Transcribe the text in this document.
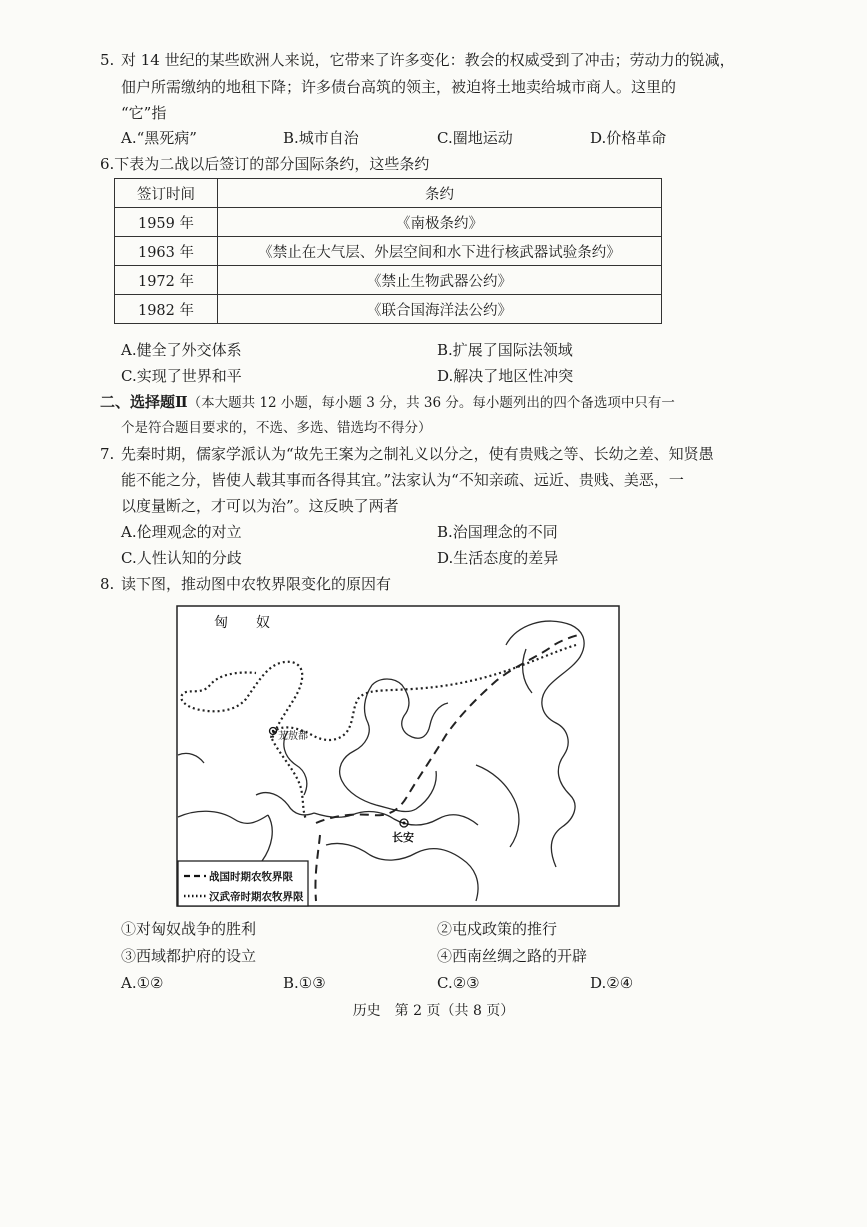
5. 对 14 世纪的某些欧洲人来说，它带来了许多变化：教会的权威受到了冲击；劳动力的锐减，
佃户所需缴纳的地租下降；许多债台高筑的领主，被迫将土地卖给城市商人。这里的
“它”指
A.“黑死病”	B.城市自治	C.圈地运动	D.价格革命
6.下表为二战以后签订的部分国际条约，这些条约
签订时间	条约
1959 年	《南极条约》
1963 年	《禁止在大气层、外层空间和水下进行核武器试验条约》
1972 年	《禁止生物武器公约》
1982 年	《联合国海洋法公约》
A.健全了外交体系	B.扩展了国际法领域
C.实现了世界和平	D.解决了地区性冲突
二、选择题Ⅱ（本大题共 12 小题，每小题 3 分，共 36 分。每小题列出的四个备选项中只有一
个是符合题目要求的，不选、多选、错选均不得分）
7. 先秦时期，儒家学派认为“故先王案为之制礼义以分之，使有贵贱之等、长幼之差、知贤愚
能不能之分，皆使人载其事而各得其宜。”法家认为“不知亲疏、远近、贵贱、美恶，一
以度量断之，才可以为治”。这反映了两者
A.伦理观念的对立	B.治国理念的不同
C.人性认知的分歧	D.生活态度的差异
8. 读下图，推动图中农牧界限变化的原因有
匈　　奴
茏敖都
长安
战国时期农牧界限
汉武帝时期农牧界限
①对匈奴战争的胜利	②屯戍政策的推行
③西域都护府的设立	④西南丝绸之路的开辟
A.①②	B.①③	C.②③	D.②④
历史　第 2 页（共 8 页）
